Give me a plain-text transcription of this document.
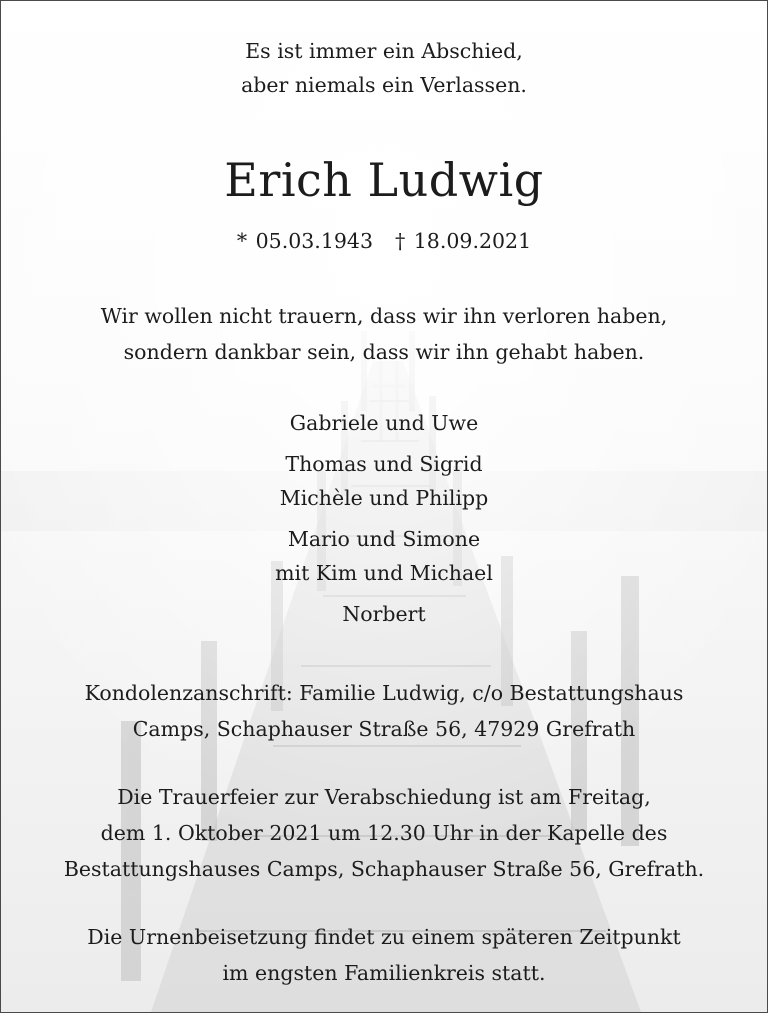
Es ist immer ein Abschied,
aber niemals ein Verlassen.
Erich Ludwig
* 05.03.1943 † 18.09.2021
Wir wollen nicht trauern, dass wir ihn verloren haben,
sondern dankbar sein, dass wir ihn gehabt haben.
Gabriele und Uwe
Thomas und Sigrid
Michèle und Philipp
Mario und Simone
mit Kim und Michael
Norbert
Kondolenzanschrift: Familie Ludwig, c/o Bestattungshaus
Camps, Schaphauser Straße 56, 47929 Grefrath
Die Trauerfeier zur Verabschiedung ist am Freitag,
dem 1. Oktober 2021 um 12.30 Uhr in der Kapelle des
Bestattungshauses Camps, Schaphauser Straße 56, Grefrath.
Die Urnenbeisetzung findet zu einem späteren Zeitpunkt
im engsten Familienkreis statt.
